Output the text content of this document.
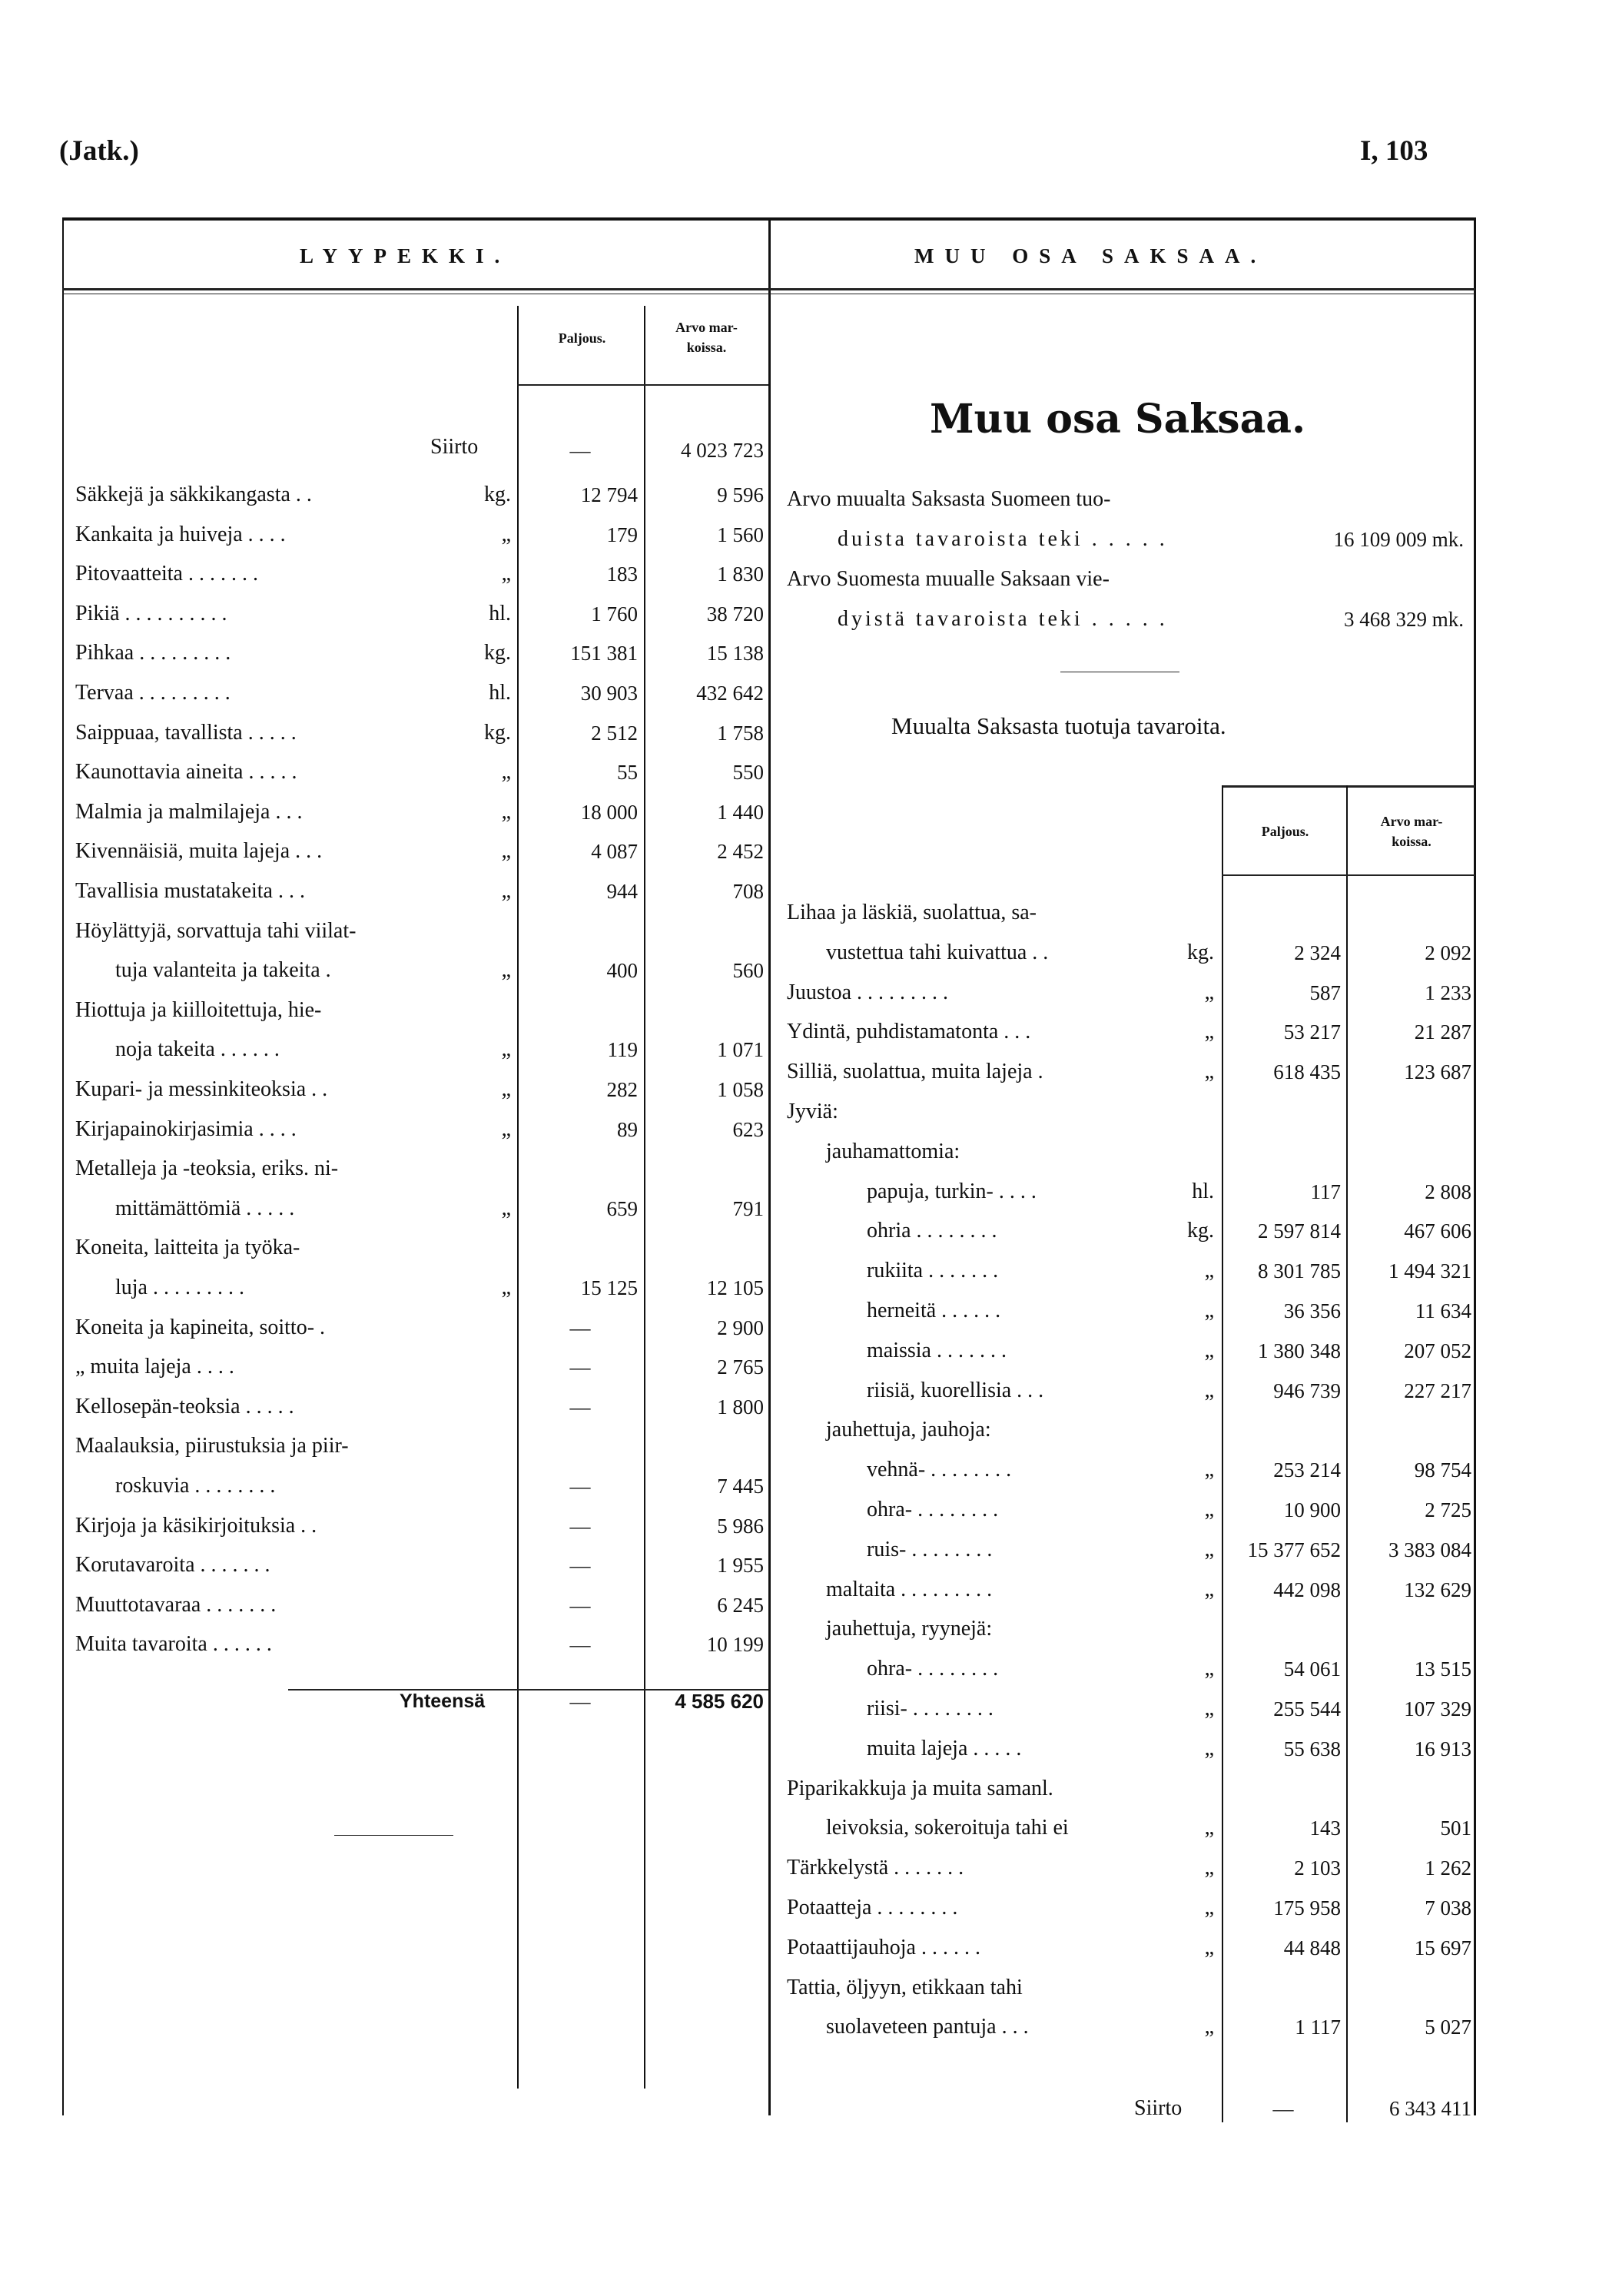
(Jatk.)	I, 103
LYYPEKKI.	MUU OSA SAKSAA.
Paljous.
Arvo mar-
koissa.
Siirto	—	4 023 723
Säkkejä ja säkkikangasta . .	kg.	12 794	9 596
Kankaita ja huiveja . . . .	„	179	1 560
Pitovaatteita . . . . . . .	„	183	1 830
Pikiä . . . . . . . . . .	hl.	1 760	38 720
Pihkaa . . . . . . . . .	kg.	151 381	15 138
Tervaa . . . . . . . . .	hl.	30 903	432 642
Saippuaa, tavallista . . . . .	kg.	2 512	1 758
Kaunottavia aineita . . . . .	„	55	550
Malmia ja malmilajeja . . .	„	18 000	1 440
Kivennäisiä, muita lajeja . . .	„	4 087	2 452
Tavallisia mustatakeita . . .	„	944	708
Höylättyjä, sorvattuja tahi viilat-
tuja valanteita ja takeita .	„	400	560
Hiottuja ja kiilloitettuja, hie-
noja takeita . . . . . .	„	119	1 071
Kupari- ja messinkiteoksia . .	„	282	1 058
Kirjapainokirjasimia . . . .	„	89	623
Metalleja ja -teoksia, eriks. ni-
mittämättömiä . . . . .	„	659	791
Koneita, laitteita ja työka-
luja . . . . . . . . .	„	15 125	12 105
Koneita ja kapineita, soitto- .	—	2 900
„ muita lajeja . . . .	—	2 765
Kellosepän-teoksia . . . . .	—	1 800
Maalauksia, piirustuksia ja piir-
roskuvia . . . . . . . .	—	7 445
Kirjoja ja käsikirjoituksia . .	—	5 986
Korutavaroita . . . . . . .	—	1 955
Muuttotavaraa . . . . . . .	—	6 245
Muita tavaroita . . . . . .	—	10 199
Yhteensä	—	4 585 620
Muu osa Saksaa.
Arvo muualta Saksasta Suomeen tuo-
duista tavaroista teki . . . . .	16 109 009 mk.
Arvo Suomesta muualle Saksaan vie-
dyistä tavaroista teki . . . . .	3 468 329 mk.
Muualta Saksasta tuotuja tavaroita.
Paljous.
Arvo mar-
koissa.
Lihaa ja läskiä, suolattua, sa-
vustettua tahi kuivattua . .	kg.	2 324	2 092
Juustoa . . . . . . . . .	„	587	1 233
Ydintä, puhdistamatonta . . .	„	53 217	21 287
Silliä, suolattua, muita lajeja .	„	618 435	123 687
Jyviä:
jauhamattomia:
papuja, turkin- . . . .	hl.	117	2 808
ohria . . . . . . . .	kg.	2 597 814	467 606
rukiita . . . . . . .	„	8 301 785	1 494 321
herneitä . . . . . .	„	36 356	11 634
maissia . . . . . . .	„	1 380 348	207 052
riisiä, kuorellisia . . .	„	946 739	227 217
jauhettuja, jauhoja:
vehnä- . . . . . . . .	„	253 214	98 754
ohra- . . . . . . . .	„	10 900	2 725
ruis- . . . . . . . .	„	15 377 652	3 383 084
maltaita . . . . . . . . .	„	442 098	132 629
jauhettuja, ryynejä:
ohra- . . . . . . . .	„	54 061	13 515
riisi- . . . . . . . .	„	255 544	107 329
muita lajeja . . . . .	„	55 638	16 913
Piparikakkuja ja muita samanl.
leivoksia, sokeroituja tahi ei	„	143	501
Tärkkelystä . . . . . . .	„	2 103	1 262
Potaatteja . . . . . . . .	„	175 958	7 038
Potaattijauhoja . . . . . .	„	44 848	15 697
Tattia, öljyyn, etikkaan tahi
suolaveteen pantuja . . .	„	1 117	5 027
Siirto	—	6 343 411
